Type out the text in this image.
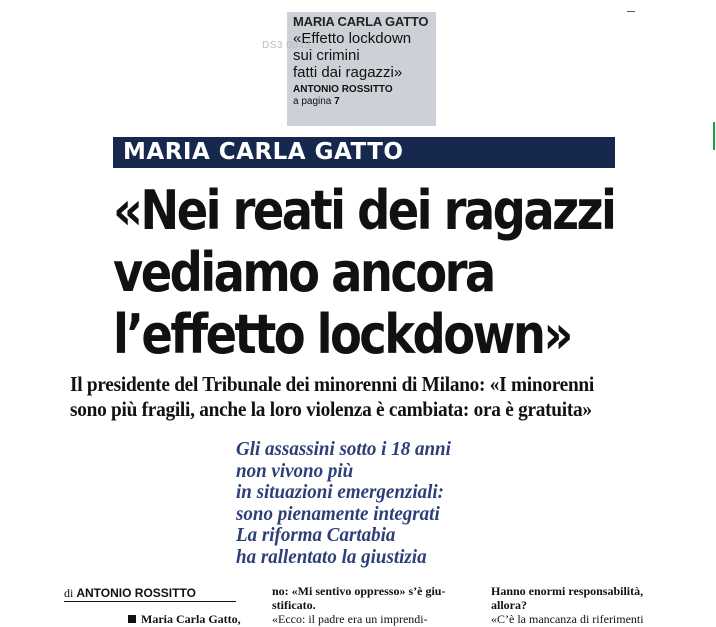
MARIA CARLA GATTO
«Effetto lockdown
sui crimini
fatti dai ragazzi»
ANTONIO ROSSITTO
a pagina 7
DS3 0043
MARIA CARLA GATTO
«Nei reati dei ragazzi
vediamo ancora
l’effetto lockdown»
Il presidente del Tribunale dei minorenni di Milano: «I minorenni
sono più fragili, anche la loro violenza è cambiata: ora è gratuita»
Gli assassini sotto i 18 anni
non vivono più
in situazioni emergenziali:
sono pienamente integrati
La riforma Cartabia
ha rallentato la giustizia
di ANTONIO ROSSITTO
Maria Carla Gatto,
no: «Mi sentivo oppresso» s’è giu-
stificato.
«Ecco: il padre era un imprendi-
Hanno enormi responsabilità,
allora?
«C’è la mancanza di riferimenti
